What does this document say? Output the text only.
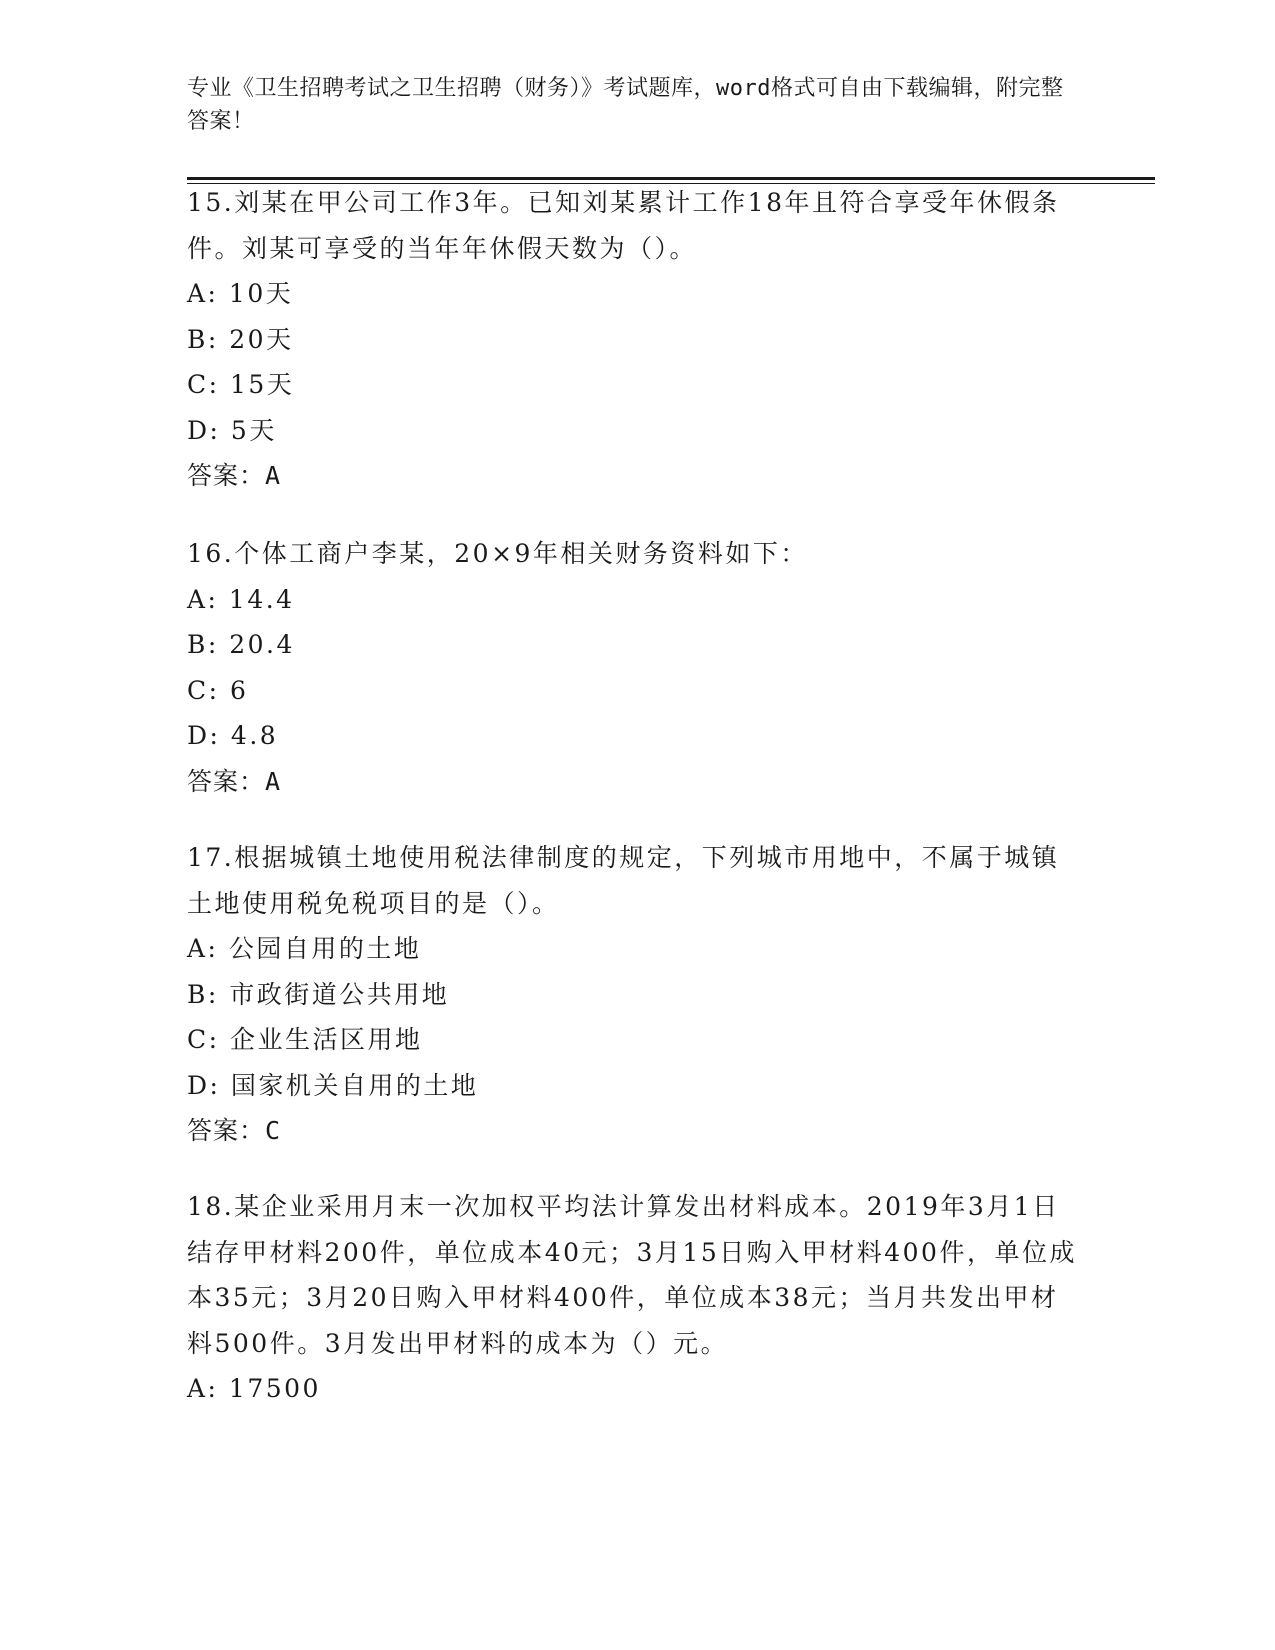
专业《卫生招聘考试之卫生招聘（财务）》考试题库，word格式可自由下载编辑，附完整答案！

15.刘某在甲公司工作3年。已知刘某累计工作18年且符合享受年休假条件。刘某可享受的当年年休假天数为（）。

A: 10天

B: 20天

C: 15天

D: 5天

答案：A

16.个体工商户李某，20×9年相关财务资料如下：

A: 14.4

B: 20.4

C: 6

D: 4.8

答案：A

17.根据城镇土地使用税法律制度的规定，下列城市用地中，不属于城镇土地使用税免税项目的是（）。

A: 公园自用的土地

B: 市政街道公共用地

C: 企业生活区用地

D: 国家机关自用的土地

答案：C

18.某企业采用月末一次加权平均法计算发出材料成本。2019年3月1日结存甲材料200件，单位成本40元；3月15日购入甲材料400件，单位成本35元；3月20日购入甲材料400件，单位成本38元；当月共发出甲材料500件。3月发出甲材料的成本为（）元。

A: 17500
